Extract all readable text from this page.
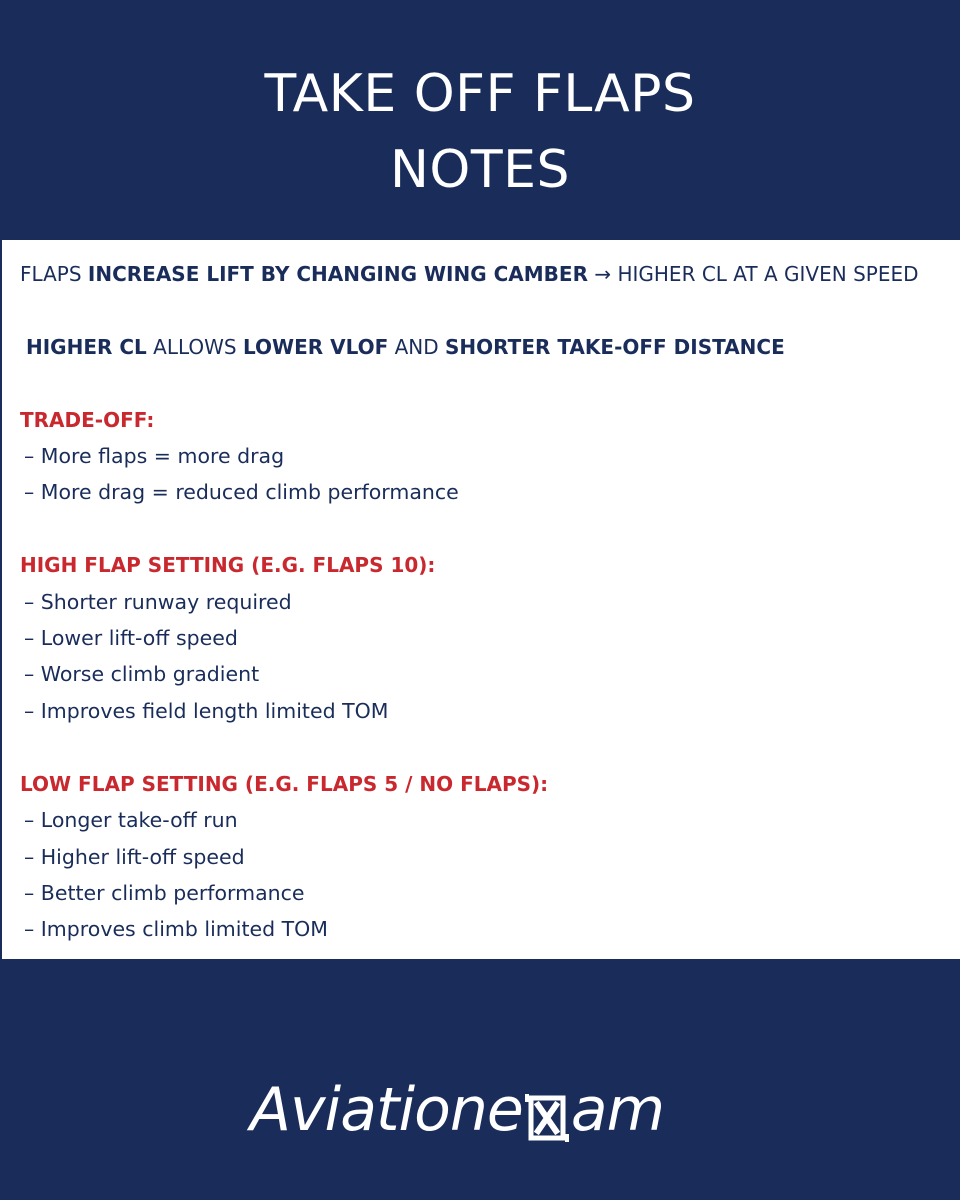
TAKE OFF FLAPS
NOTES
FLAPS INCREASE LIFT BY CHANGING WING CAMBER → HIGHER CL AT A GIVEN SPEED
HIGHER CL ALLOWS LOWER VLOF AND SHORTER TAKE-OFF DISTANCE
TRADE-OFF:
– More flaps = more drag
– More drag = reduced climb performance
HIGH FLAP SETTING (E.G. FLAPS 10):
– Shorter runway required
– Lower lift-off speed
– Worse climb gradient
– Improves field length limited TOM
LOW FLAP SETTING (E.G. FLAPS 5 / NO FLAPS):
– Longer take-off run
– Higher lift-off speed
– Better climb performance
– Improves climb limited TOM
Aviatione am
